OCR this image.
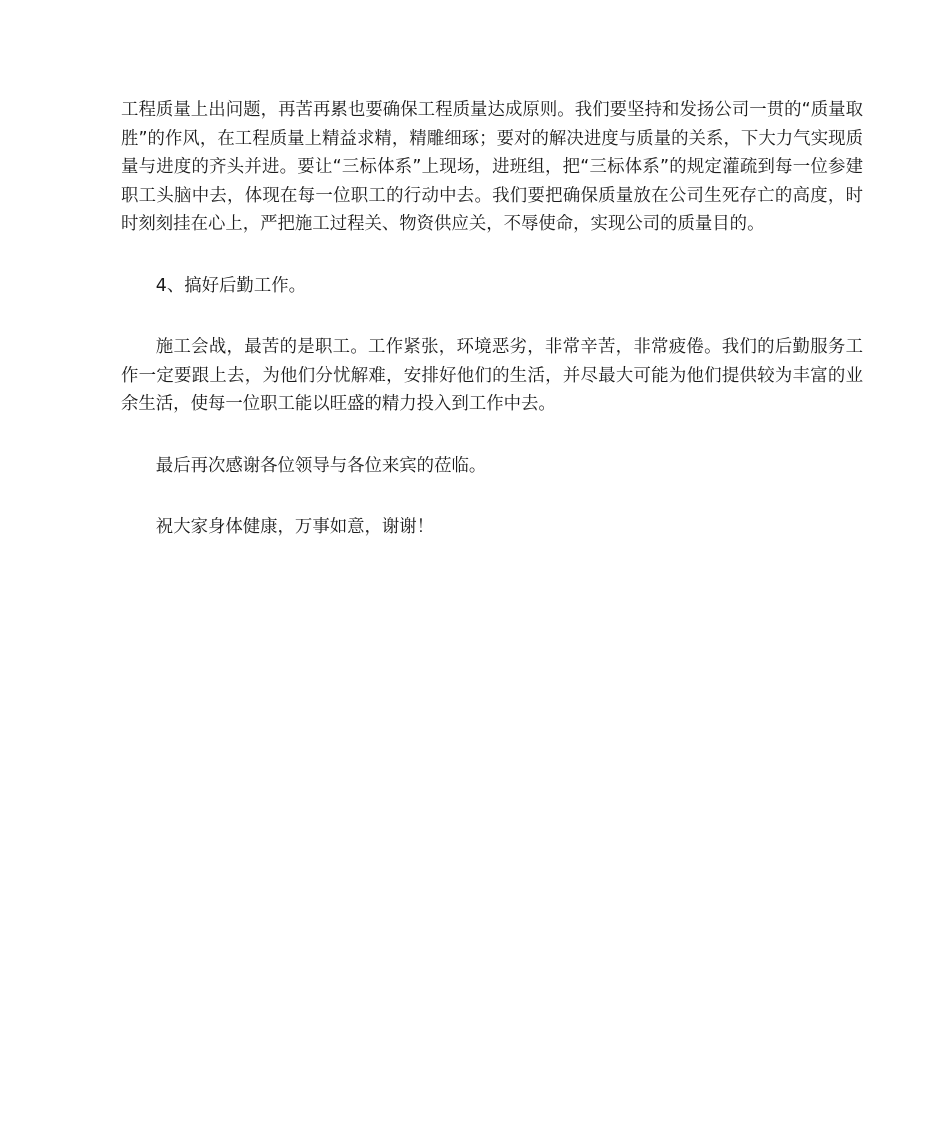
工程质量上出问题，再苦再累也要确保工程质量达成原则。我们要坚持和发扬公司一贯的“质量取胜”的作风，在工程质量上精益求精，精雕细琢；要对的解决进度与质量的关系，下大力气实现质量与进度的齐头并进。要让“三标体系”上现场，进班组，把“三标体系”的规定灌疏到每一位参建职工头脑中去，体现在每一位职工的行动中去。我们要把确保质量放在公司生死存亡的高度，时时刻刻挂在心上，严把施工过程关、物资供应关，不辱使命，实现公司的质量目的。

4、搞好后勤工作。

施工会战，最苦的是职工。工作紧张，环境恶劣，非常辛苦，非常疲倦。我们的后勤服务工作一定要跟上去，为他们分忧解难，安排好他们的生活，并尽最大可能为他们提供较为丰富的业余生活，使每一位职工能以旺盛的精力投入到工作中去。

最后再次感谢各位领导与各位来宾的莅临。

祝大家身体健康，万事如意，谢谢！
